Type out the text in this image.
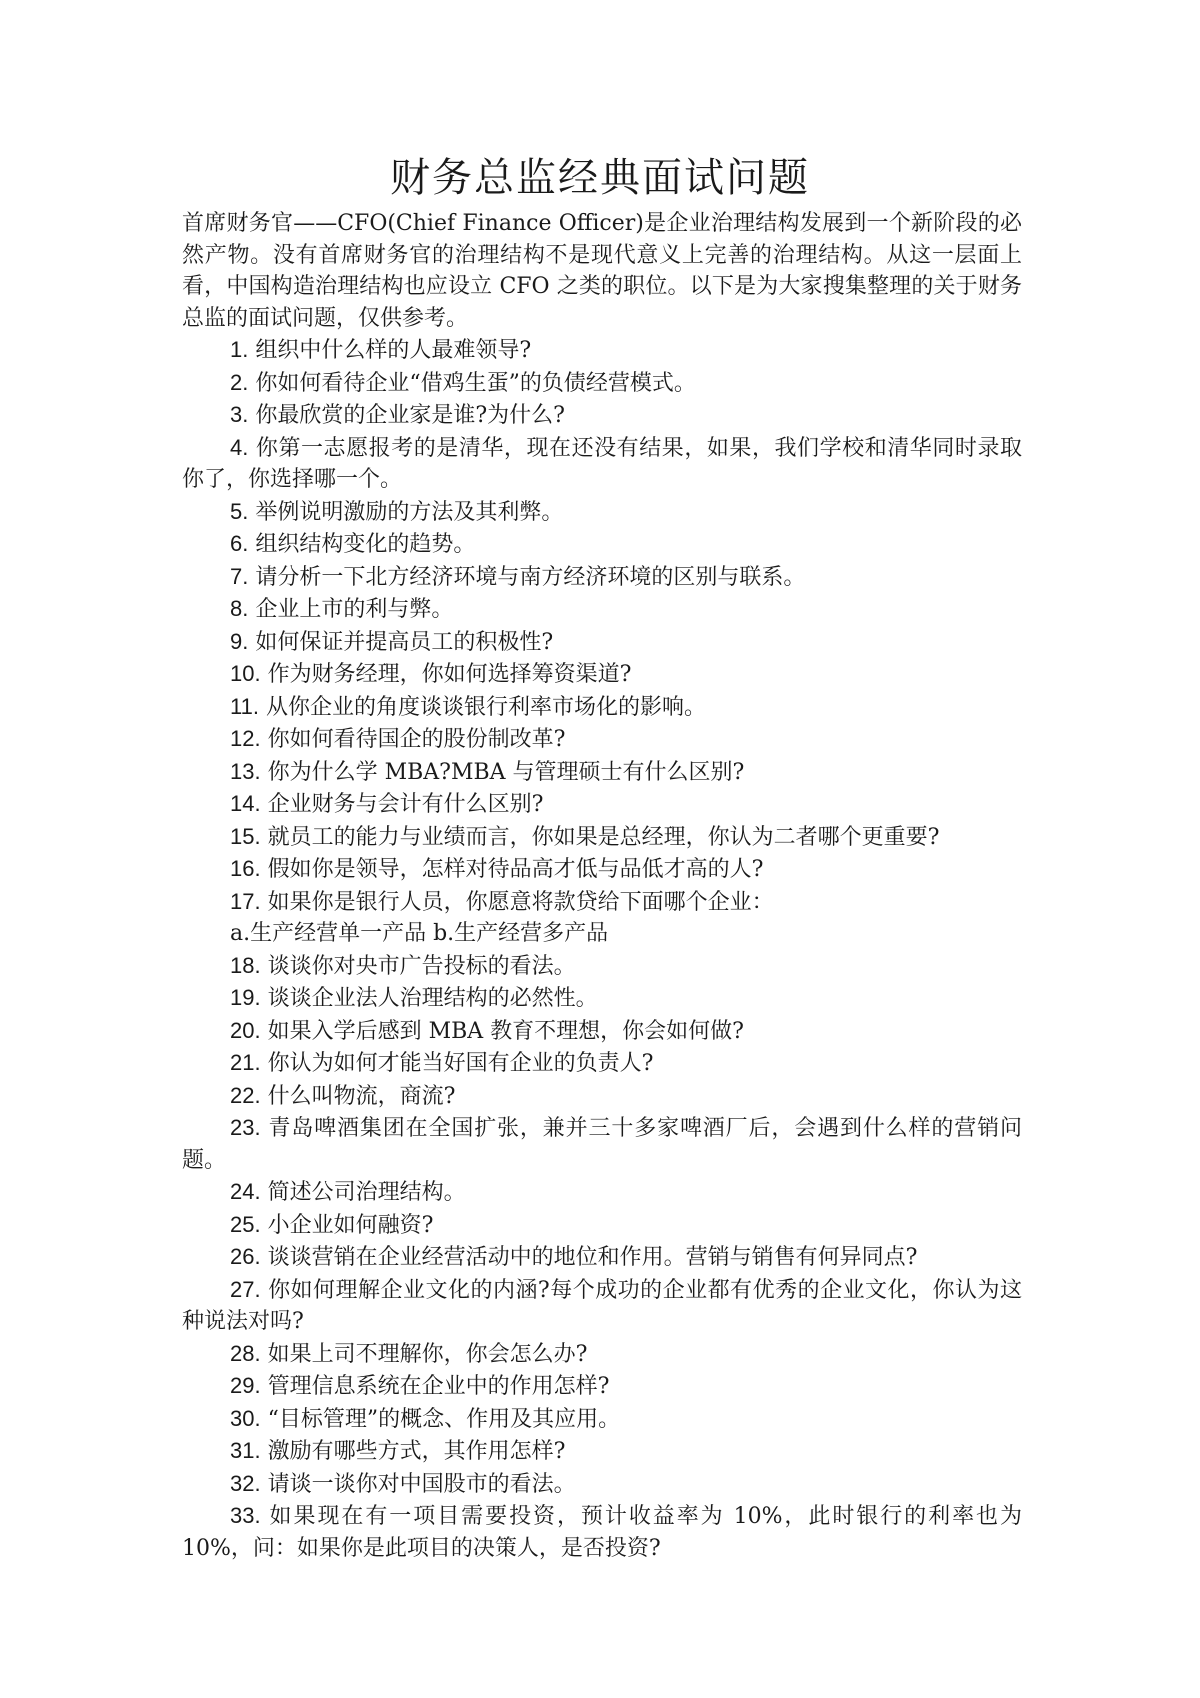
财务总监经典面试问题

首席财务官——CFO(Chief Finance Officer)是企业治理结构发展到一个新阶段的必然产物。没有首席财务官的治理结构不是现代意义上完善的治理结构。从这一层面上看，中国构造治理结构也应设立 CFO 之类的职位。以下是为大家搜集整理的关于财务总监的面试问题，仅供参考。

1. 组织中什么样的人最难领导?

2. 你如何看待企业“借鸡生蛋”的负债经营模式。

3. 你最欣赏的企业家是谁?为什么?

4. 你第一志愿报考的是清华，现在还没有结果，如果，我们学校和清华同时录取你了，你选择哪一个。

5. 举例说明激励的方法及其利弊。

6. 组织结构变化的趋势。

7. 请分析一下北方经济环境与南方经济环境的区别与联系。

8. 企业上市的利与弊。

9. 如何保证并提高员工的积极性?

10. 作为财务经理，你如何选择筹资渠道?

11. 从你企业的角度谈谈银行利率市场化的影响。

12. 你如何看待国企的股份制改革?

13. 你为什么学 MBA?MBA 与管理硕士有什么区别?

14. 企业财务与会计有什么区别?

15. 就员工的能力与业绩而言，你如果是总经理，你认为二者哪个更重要?

16. 假如你是领导，怎样对待品高才低与品低才高的人?

17. 如果你是银行人员，你愿意将款贷给下面哪个企业：

a.生产经营单一产品 b.生产经营多产品

18. 谈谈你对央市广告投标的看法。

19. 谈谈企业法人治理结构的必然性。

20. 如果入学后感到 MBA 教育不理想，你会如何做?

21. 你认为如何才能当好国有企业的负责人?

22. 什么叫物流，商流?

23. 青岛啤酒集团在全国扩张，兼并三十多家啤酒厂后，会遇到什么样的营销问题。

24. 简述公司治理结构。

25. 小企业如何融资?

26. 谈谈营销在企业经营活动中的地位和作用。营销与销售有何异同点?

27. 你如何理解企业文化的内涵?每个成功的企业都有优秀的企业文化，你认为这种说法对吗?

28. 如果上司不理解你，你会怎么办?

29. 管理信息系统在企业中的作用怎样?

30. “目标管理”的概念、作用及其应用。

31. 激励有哪些方式，其作用怎样?

32. 请谈一谈你对中国股市的看法。

33. 如果现在有一项目需要投资，预计收益率为 10%，此时银行的利率也为 10%，问：如果你是此项目的决策人，是否投资?
